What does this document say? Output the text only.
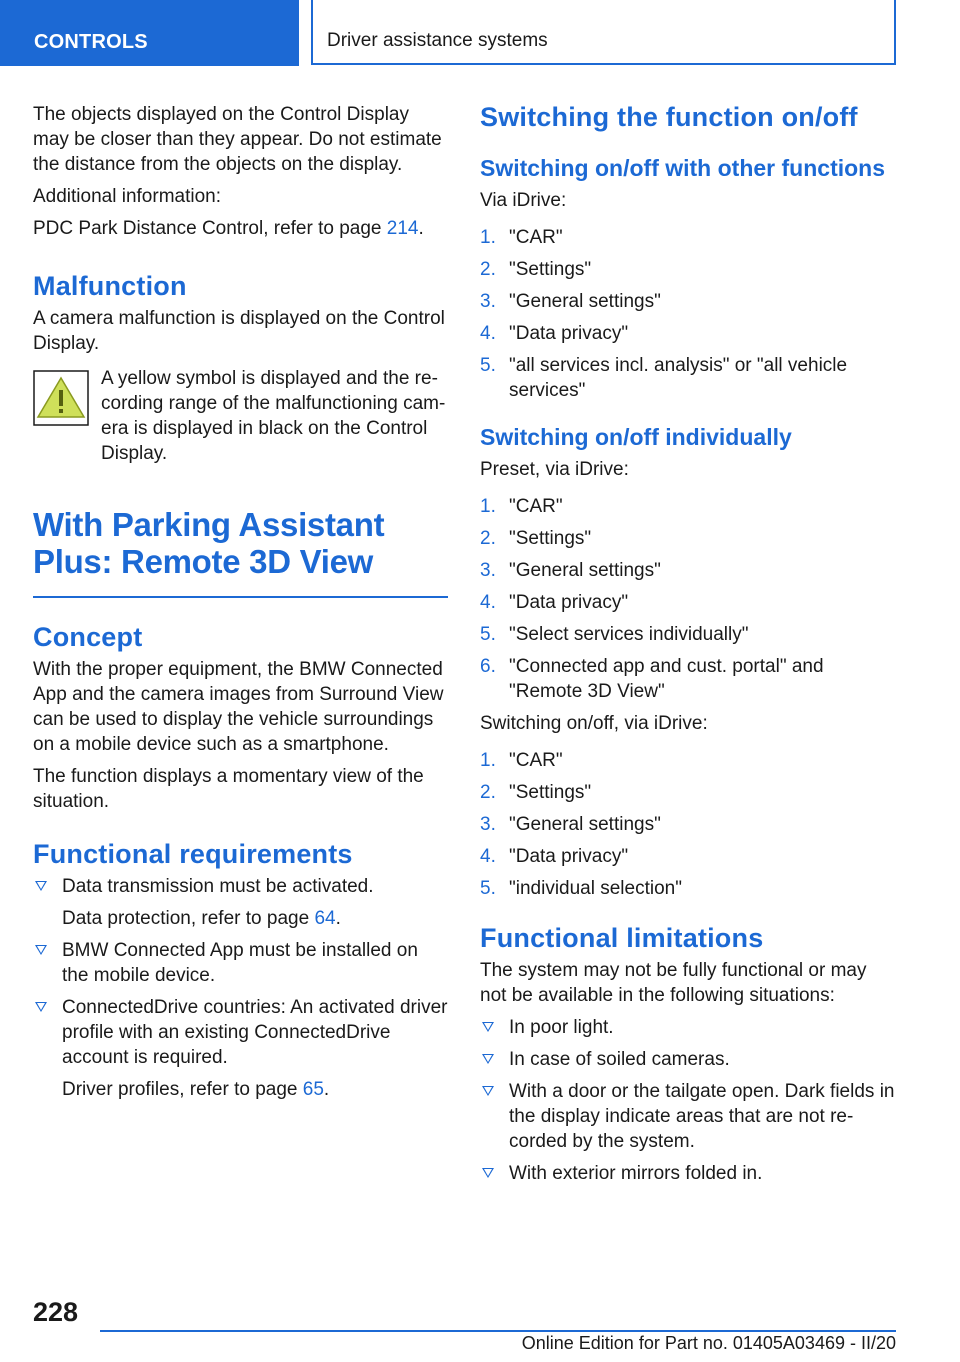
CONTROLS	Driver assistance systems

The objects displayed on the Control Display may be closer than they appear. Do not estimate the distance from the objects on the display.

Additional information:

PDC Park Distance Control, refer to page 214.

Malfunction

A camera malfunction is displayed on the Control Display.

A yellow symbol is displayed and the recording range of the malfunctioning camera is displayed in black on the Control Display.
With Parking Assistant Plus: Remote 3D View
Concept

With the proper equipment, the BMW Connected App and the camera images from Surround View can be used to display the vehicle surroundings on a mobile device such as a smartphone.

The function displays a momentary view of the situation.

Functional requirements
Data transmission must be activated.
Data protection, refer to page 64.
BMW Connected App must be installed on the mobile device.
ConnectedDrive countries: An activated driver profile with an existing ConnectedDrive account is required.
Driver profiles, refer to page 65.
Switching the function on/off
Switching on/off with other functions

Via iDrive:

1. "CAR"
2. "Settings"
3. "General settings"
4. "Data privacy"
5. "all services incl. analysis" or "all vehicle services"
Switching on/off individually

Preset, via iDrive:

1. "CAR"
2. "Settings"
3. "General settings"
4. "Data privacy"
5. "Select services individually"
6. "Connected app and cust. portal" and "Remote 3D View"

Switching on/off, via iDrive:

1. "CAR"
2. "Settings"
3. "General settings"
4. "Data privacy"
5. "individual selection"
Functional limitations

The system may not be fully functional or may not be available in the following situations:

In poor light.
In case of soiled cameras.
With a door or the tailgate open. Dark fields in the display indicate areas that are not recorded by the system.
With exterior mirrors folded in.
228
Online Edition for Part no. 01405A03469 - II/20
